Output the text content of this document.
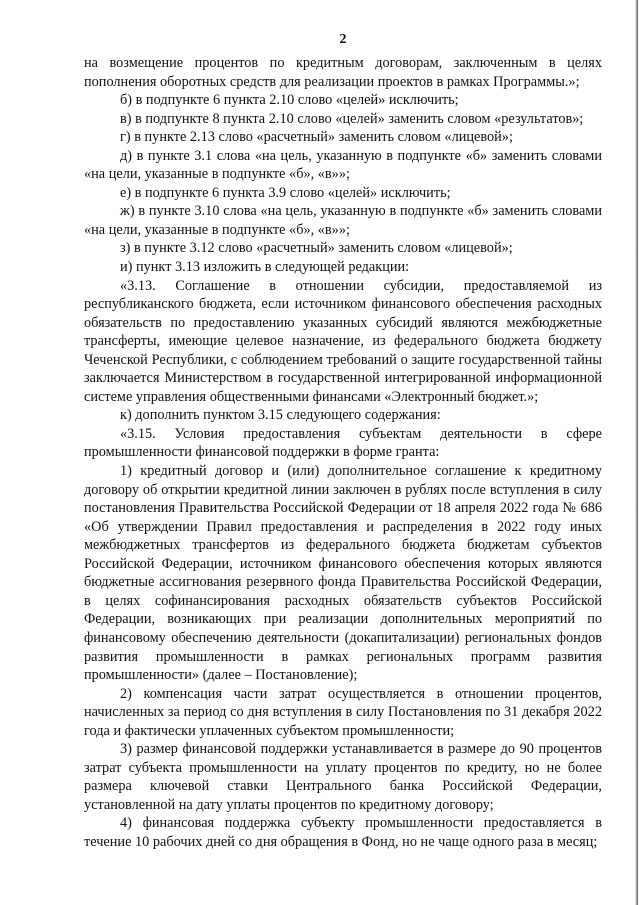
2

на возмещение процентов по кредитным договорам, заключенным в целях пополнения оборотных средств для реализации проектов в рамках Программы.»;

б) в подпункте 6 пункта 2.10 слово «целей» исключить;

в) в подпункте 8 пункта 2.10 слово «целей» заменить словом «результатов»;

г) в пункте 2.13 слово «расчетный» заменить словом «лицевой»;

д) в пункте 3.1 слова «на цель, указанную в подпункте «б» заменить словами «на цели, указанные в подпункте «б», «в»»;

е) в подпункте 6 пункта 3.9 слово «целей» исключить;

ж) в пункте 3.10 слова «на цель, указанную в подпункте «б» заменить словами «на цели, указанные в подпункте «б», «в»»;

з) в пункте 3.12 слово «расчетный» заменить словом «лицевой»;

и) пункт 3.13 изложить в следующей редакции:

«3.13. Соглашение в отношении субсидии, предоставляемой из республиканского бюджета, если источником финансового обеспечения расходных обязательств по предоставлению указанных субсидий являются межбюджетные трансферты, имеющие целевое назначение, из федерального бюджета бюджету Чеченской Республики, с соблюдением требований о защите государственной тайны заключается Министерством в государственной интегрированной информационной системе управления общественными финансами «Электронный бюджет.»;

к) дополнить пунктом 3.15 следующего содержания:

«3.15. Условия предоставления субъектам деятельности в сфере промышленности финансовой поддержки в форме гранта:

1) кредитный договор и (или) дополнительное соглашение к кредитному договору об открытии кредитной линии заключен в рублях после вступления в силу постановления Правительства Российской Федерации от 18 апреля 2022 года № 686 «Об утверждении Правил предоставления и распределения в 2022 году иных межбюджетных трансфертов из федерального бюджета бюджетам субъектов Российской Федерации, источником финансового обеспечения которых являются бюджетные ассигнования резервного фонда Правительства Российской Федерации, в целях софинансирования расходных обязательств субъектов Российской Федерации, возникающих при реализации дополнительных мероприятий по финансовому обеспечению деятельности (докапитализации) региональных фондов развития промышленности в рамках региональных программ развития промышленности» (далее – Постановление);

2) компенсация части затрат осуществляется в отношении процентов, начисленных за период со дня вступления в силу Постановления по 31 декабря 2022 года и фактически уплаченных субъектом промышленности;

3) размер финансовой поддержки устанавливается в размере до 90 процентов затрат субъекта промышленности на уплату процентов по кредиту, но не более размера ключевой ставки Центрального банка Российской Федерации, установленной на дату уплаты процентов по кредитному договору;

4) финансовая поддержка субъекту промышленности предоставляется в течение 10 рабочих дней со дня обращения в Фонд, но не чаще одного раза в месяц;
